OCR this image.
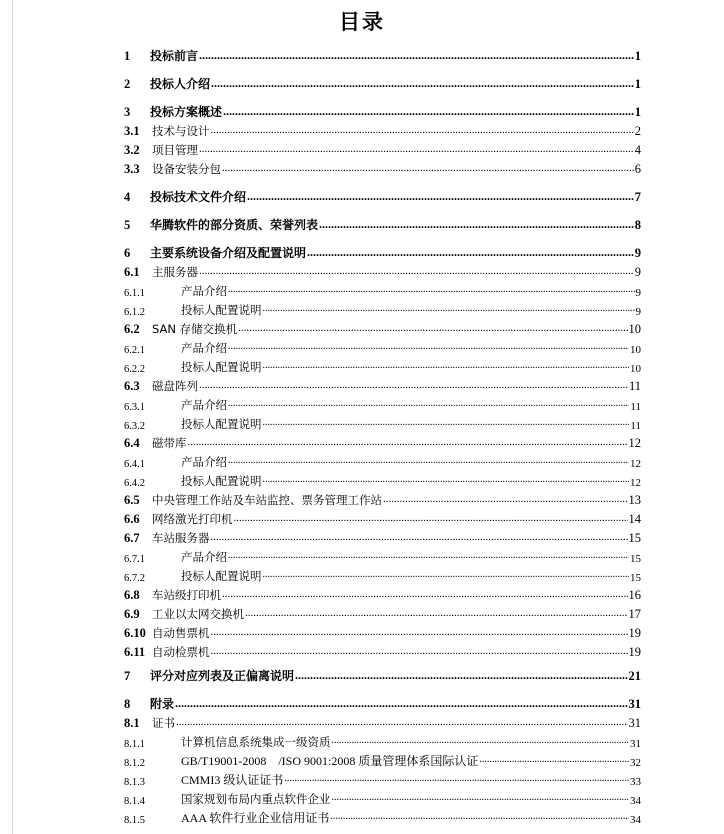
目录
1	投标前言 .....	1
2	投标人介绍 .....	1
3	投标方案概述 .....	1
3.1	技术与设计 .....	2
3.2	项目管理 .....	4
3.3	设备安装分包 .....	6
4	投标技术文件介绍 .....	7
5	华腾软件的部分资质、荣誉列表 .....	8
6	主要系统设备介绍及配置说明 .....	9
6.1	主服务器 .....	9
6.1.1	产品介绍 .....	9
6.1.2	投标人配置说明 .....	9
6.2	SAN 存储交换机 .....	10
6.2.1	产品介绍 .....	10
6.2.2	投标人配置说明 .....	10
6.3	磁盘阵列 .....	11
6.3.1	产品介绍 .....	11
6.3.2	投标人配置说明 .....	11
6.4	磁带库 .....	12
6.4.1	产品介绍 .....	12
6.4.2	投标人配置说明 .....	12
6.5	中央管理工作站及车站监控、票务管理工作站 .....	13
6.6	网络激光打印机 .....	14
6.7	车站服务器 .....	15
6.7.1	产品介绍 .....	15
6.7.2	投标人配置说明 .....	15
6.8	车站级打印机 .....	16
6.9	工业以太网交换机 .....	17
6.10 自动售票机 .....	19
6.11 自动检票机 .....	19
7	评分对应列表及正偏离说明 .....	21
8	附录 .....	31
8.1	证书 .....	31
8.1.1	计算机信息系统集成一级资质 .....	31
8.1.2	GB/T19001-2008　/ISO 9001:2008 质量管理体系国际认证 .....	32
8.1.3	CMMI3 级认证证书 .....	33
8.1.4	国家规划布局内重点软件企业 .....	34
8.1.5	AAA 软件行业企业信用证书 .....	34
